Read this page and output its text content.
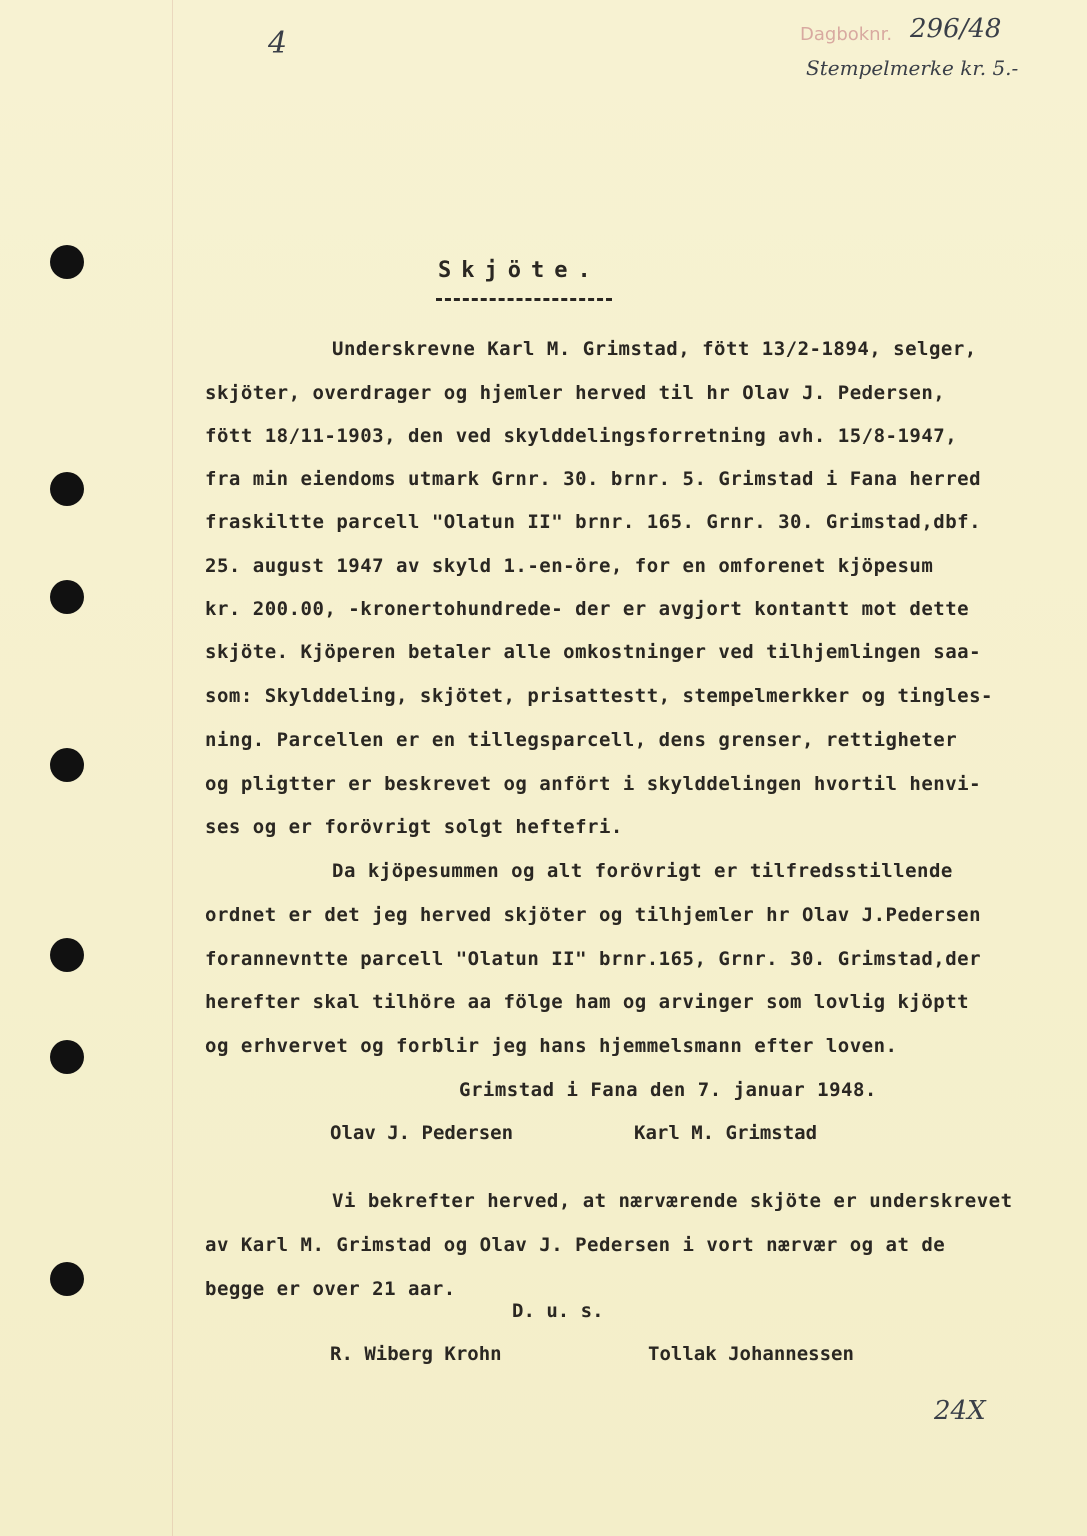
4	Dagboknr. 296/48
Stempelmerke kr. 5.-
Skjöte.
Underskrevne Karl M. Grimstad, fött 13/2-1894, selger,
skjöter, overdrager og hjemler herved til hr Olav J. Pedersen,
fött 18/11-1903, den ved skylddelingsforretning avh. 15/8-1947,
fra min eiendoms utmark Grnr. 30. brnr. 5. Grimstad i Fana herred
fraskiltte parcell "Olatun II" brnr. 165. Grnr. 30. Grimstad,dbf.
25. august 1947 av skyld 1.-en-öre, for en omforenet kjöpesum
kr. 200.00, -kronertohundrede- der er avgjort kontantt mot dette
skjöte. Kjöperen betaler alle omkostninger ved tilhjemlingen saa-
som: Skylddeling, skjötet, prisattestt, stempelmerkker og tingles-
ning. Parcellen er en tillegsparcell, dens grenser, rettigheter
og pligtter er beskrevet og anfört i skylddelingen hvortil henvi-
ses og er forövrigt solgt heftefri.
Da kjöpesummen og alt forövrigt er tilfredsstillende
ordnet er det jeg herved skjöter og tilhjemler hr Olav J.Pedersen
forannevntte parcell "Olatun II" brnr.165, Grnr. 30. Grimstad,der
herefter skal tilhöre aa fölge ham og arvinger som lovlig kjöptt
og erhvervet og forblir jeg hans hjemmelsmann efter loven.
Grimstad i Fana den 7. januar 1948.
Olav J. Pedersen	Karl M. Grimstad
Vi bekrefter herved, at nærværende skjöte er underskrevet
av Karl M. Grimstad og Olav J. Pedersen i vort nærvær og at de
begge er over 21 aar.
D. u. s.
R. Wiberg Krohn	Tollak Johannessen
24X
